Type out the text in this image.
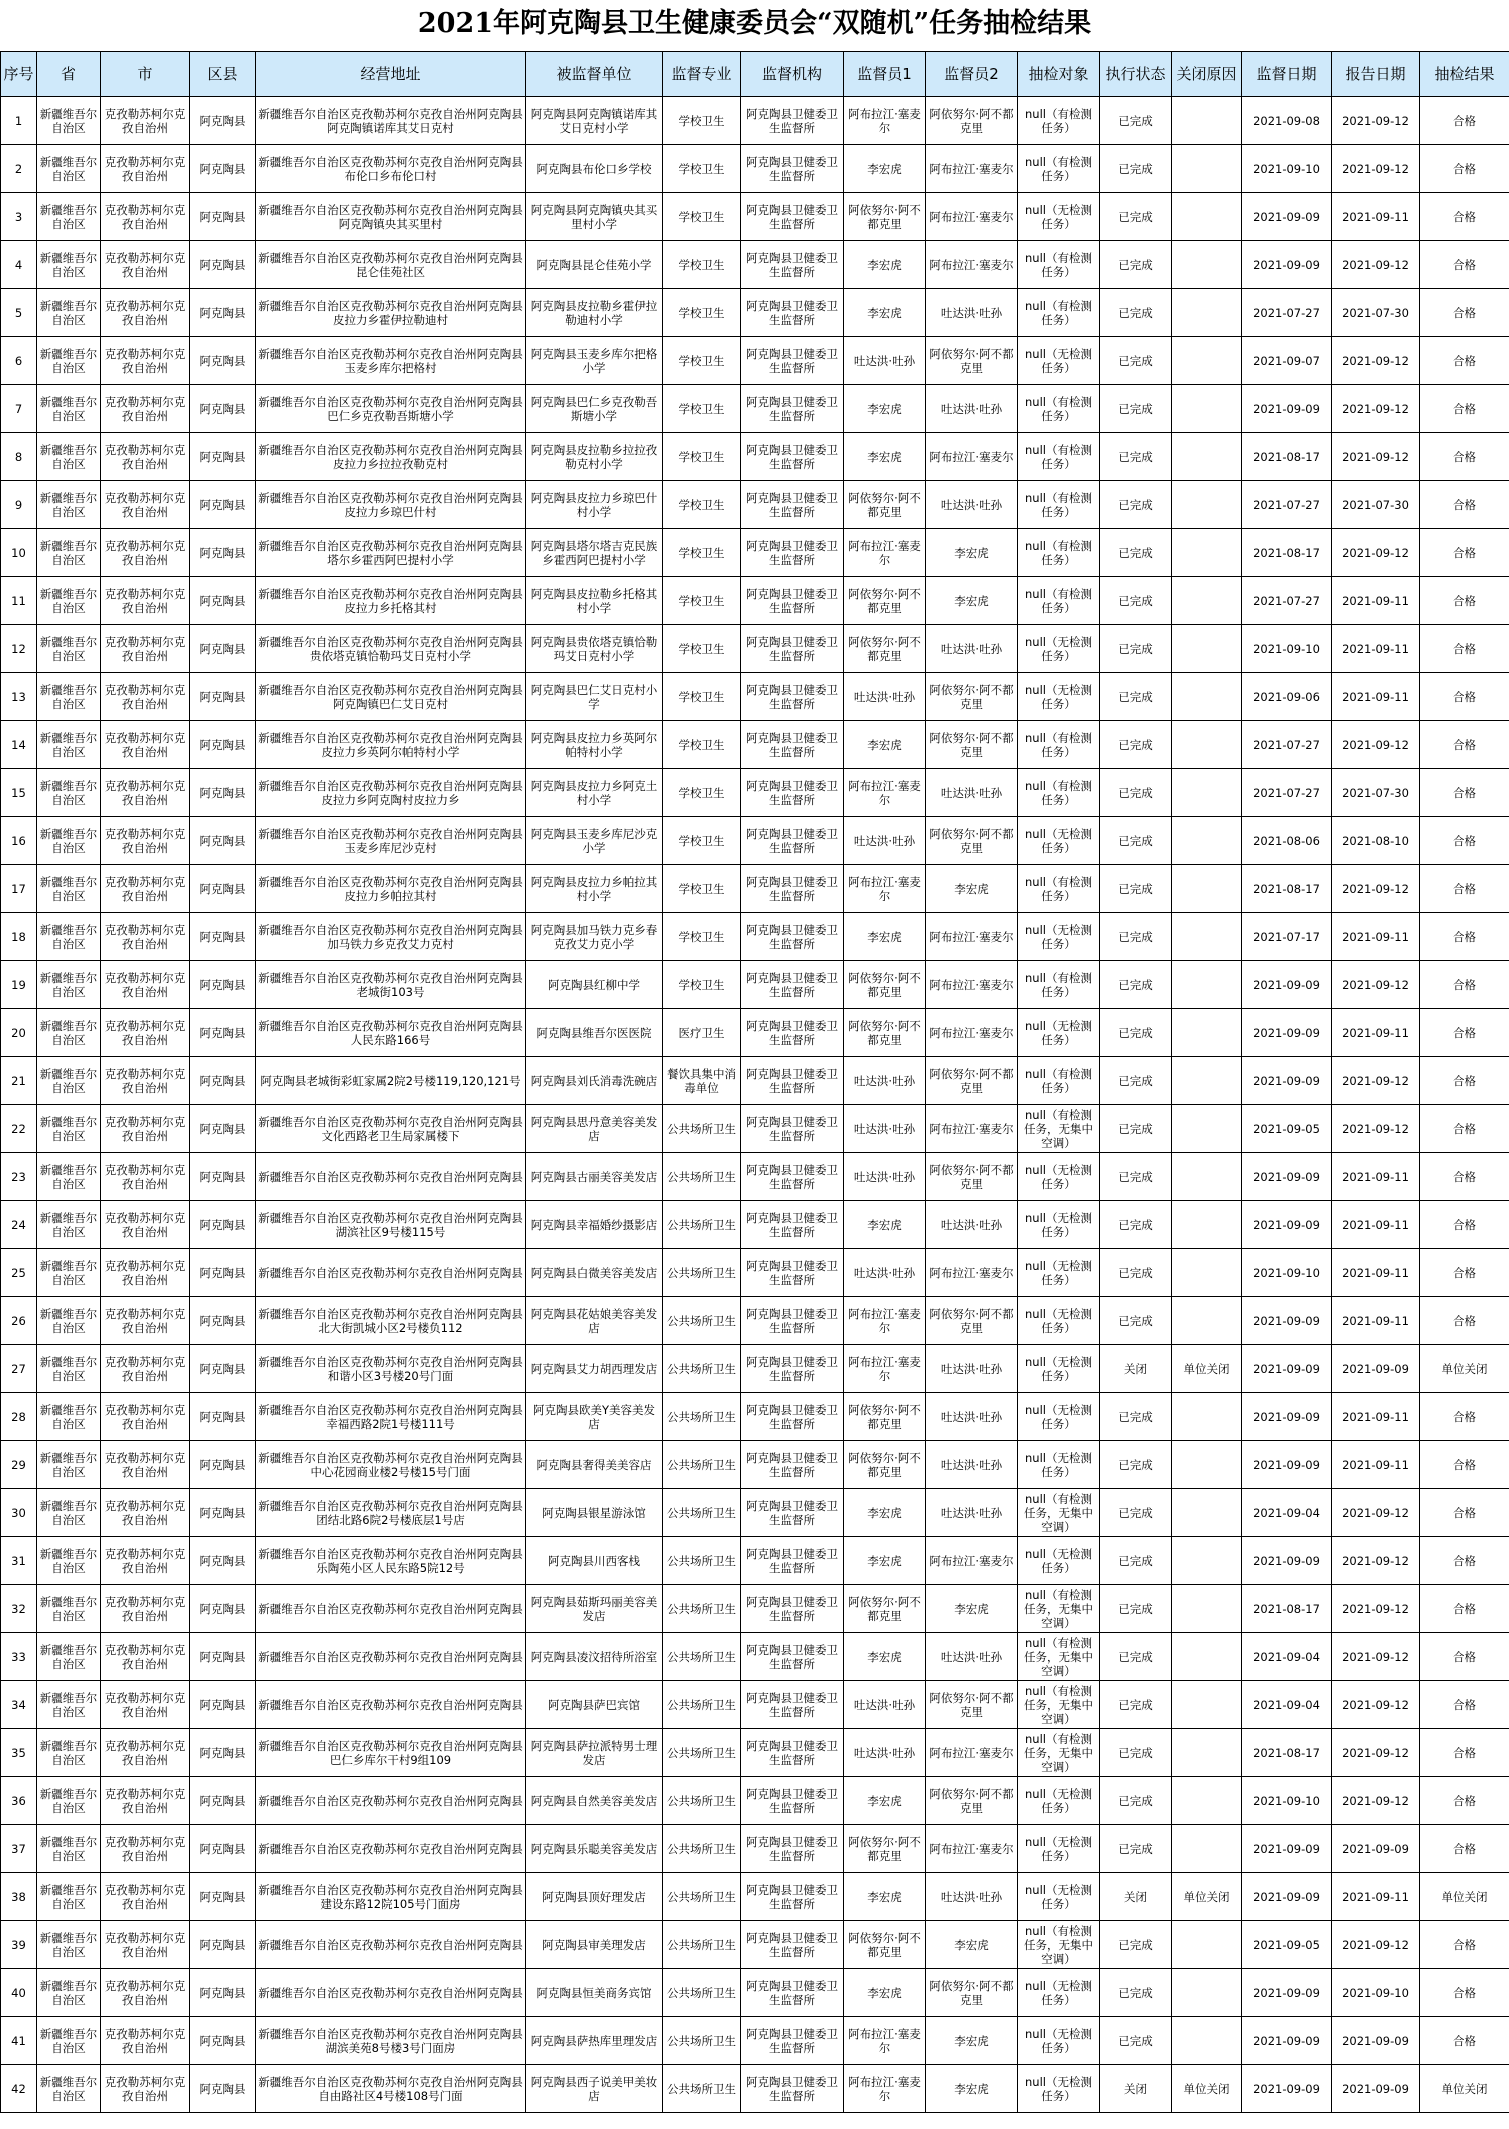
2021年阿克陶县卫生健康委员会“双随机”任务抽检结果
序号	省	市	区县	经营地址	被监督单位	监督专业	监督机构	监督员1	监督员2	抽检对象	执行状态	关闭原因	监督日期	报告日期	抽检结果
1	新疆维吾尔自治区	克孜勒苏柯尔克孜自治州	阿克陶县	新疆维吾尔自治区克孜勒苏柯尔克孜自治州阿克陶县阿克陶镇诺库其艾日克村	阿克陶县阿克陶镇诺库其艾日克村小学	学校卫生	阿克陶县卫健委卫生监督所	阿布拉江·塞麦尔	阿依努尔·阿不都克里	null（有检测任务）	已完成		2021-09-08	2021-09-12	合格
2	新疆维吾尔自治区	克孜勒苏柯尔克孜自治州	阿克陶县	新疆维吾尔自治区克孜勒苏柯尔克孜自治州阿克陶县布伦口乡布伦口村	阿克陶县布伦口乡学校	学校卫生	阿克陶县卫健委卫生监督所	李宏虎	阿布拉江·塞麦尔	null（有检测任务）	已完成		2021-09-10	2021-09-12	合格
3	新疆维吾尔自治区	克孜勒苏柯尔克孜自治州	阿克陶县	新疆维吾尔自治区克孜勒苏柯尔克孜自治州阿克陶县阿克陶镇央其买里村	阿克陶县阿克陶镇央其买里村小学	学校卫生	阿克陶县卫健委卫生监督所	阿依努尔·阿不都克里	阿布拉江·塞麦尔	null（无检测任务）	已完成		2021-09-09	2021-09-11	合格
4	新疆维吾尔自治区	克孜勒苏柯尔克孜自治州	阿克陶县	新疆维吾尔自治区克孜勒苏柯尔克孜自治州阿克陶县昆仑佳苑社区	阿克陶县昆仑佳苑小学	学校卫生	阿克陶县卫健委卫生监督所	李宏虎	阿布拉江·塞麦尔	null（有检测任务）	已完成		2021-09-09	2021-09-12	合格
5	新疆维吾尔自治区	克孜勒苏柯尔克孜自治州	阿克陶县	新疆维吾尔自治区克孜勒苏柯尔克孜自治州阿克陶县皮拉力乡霍伊拉勒迪村	阿克陶县皮拉勒乡霍伊拉勒迪村小学	学校卫生	阿克陶县卫健委卫生监督所	李宏虎	吐达洪·吐孙	null（有检测任务）	已完成		2021-07-27	2021-07-30	合格
6	新疆维吾尔自治区	克孜勒苏柯尔克孜自治州	阿克陶县	新疆维吾尔自治区克孜勒苏柯尔克孜自治州阿克陶县玉麦乡库尔把格村	阿克陶县玉麦乡库尔把格小学	学校卫生	阿克陶县卫健委卫生监督所	吐达洪·吐孙	阿依努尔·阿不都克里	null（无检测任务）	已完成		2021-09-07	2021-09-12	合格
7	新疆维吾尔自治区	克孜勒苏柯尔克孜自治州	阿克陶县	新疆维吾尔自治区克孜勒苏柯尔克孜自治州阿克陶县巴仁乡克孜勒吾斯塘小学	阿克陶县巴仁乡克孜勒吾斯塘小学	学校卫生	阿克陶县卫健委卫生监督所	李宏虎	吐达洪·吐孙	null（有检测任务）	已完成		2021-09-09	2021-09-12	合格
8	新疆维吾尔自治区	克孜勒苏柯尔克孜自治州	阿克陶县	新疆维吾尔自治区克孜勒苏柯尔克孜自治州阿克陶县皮拉力乡拉拉孜勒克村	阿克陶县皮拉勒乡拉拉孜勒克村小学	学校卫生	阿克陶县卫健委卫生监督所	李宏虎	阿布拉江·塞麦尔	null（有检测任务）	已完成		2021-08-17	2021-09-12	合格
9	新疆维吾尔自治区	克孜勒苏柯尔克孜自治州	阿克陶县	新疆维吾尔自治区克孜勒苏柯尔克孜自治州阿克陶县皮拉力乡琼巴什村	阿克陶县皮拉力乡琼巴什村小学	学校卫生	阿克陶县卫健委卫生监督所	阿依努尔·阿不都克里	吐达洪·吐孙	null（有检测任务）	已完成		2021-07-27	2021-07-30	合格
10	新疆维吾尔自治区	克孜勒苏柯尔克孜自治州	阿克陶县	新疆维吾尔自治区克孜勒苏柯尔克孜自治州阿克陶县塔尔乡霍西阿巴提村小学	阿克陶县塔尔塔吉克民族乡霍西阿巴提村小学	学校卫生	阿克陶县卫健委卫生监督所	阿布拉江·塞麦尔	李宏虎	null（有检测任务）	已完成		2021-08-17	2021-09-12	合格
11	新疆维吾尔自治区	克孜勒苏柯尔克孜自治州	阿克陶县	新疆维吾尔自治区克孜勒苏柯尔克孜自治州阿克陶县皮拉力乡托格其村	阿克陶县皮拉勒乡托格其村小学	学校卫生	阿克陶县卫健委卫生监督所	阿依努尔·阿不都克里	李宏虎	null（有检测任务）	已完成		2021-07-27	2021-09-11	合格
12	新疆维吾尔自治区	克孜勒苏柯尔克孜自治州	阿克陶县	新疆维吾尔自治区克孜勒苏柯尔克孜自治州阿克陶县贵依塔克镇恰勒玛艾日克村小学	阿克陶县贵依塔克镇恰勒玛艾日克村小学	学校卫生	阿克陶县卫健委卫生监督所	阿依努尔·阿不都克里	吐达洪·吐孙	null（无检测任务）	已完成		2021-09-10	2021-09-11	合格
13	新疆维吾尔自治区	克孜勒苏柯尔克孜自治州	阿克陶县	新疆维吾尔自治区克孜勒苏柯尔克孜自治州阿克陶县阿克陶镇巴仁艾日克村	阿克陶县巴仁艾日克村小学	学校卫生	阿克陶县卫健委卫生监督所	吐达洪·吐孙	阿依努尔·阿不都克里	null（无检测任务）	已完成		2021-09-06	2021-09-11	合格
14	新疆维吾尔自治区	克孜勒苏柯尔克孜自治州	阿克陶县	新疆维吾尔自治区克孜勒苏柯尔克孜自治州阿克陶县皮拉力乡英阿尔帕特村小学	阿克陶县皮拉力乡英阿尔帕特村小学	学校卫生	阿克陶县卫健委卫生监督所	李宏虎	阿依努尔·阿不都克里	null（有检测任务）	已完成		2021-07-27	2021-09-12	合格
15	新疆维吾尔自治区	克孜勒苏柯尔克孜自治州	阿克陶县	新疆维吾尔自治区克孜勒苏柯尔克孜自治州阿克陶县皮拉力乡阿克陶村皮拉力乡	阿克陶县皮拉力乡阿克土村小学	学校卫生	阿克陶县卫健委卫生监督所	阿布拉江·塞麦尔	吐达洪·吐孙	null（有检测任务）	已完成		2021-07-27	2021-07-30	合格
16	新疆维吾尔自治区	克孜勒苏柯尔克孜自治州	阿克陶县	新疆维吾尔自治区克孜勒苏柯尔克孜自治州阿克陶县玉麦乡库尼沙克村	阿克陶县玉麦乡库尼沙克小学	学校卫生	阿克陶县卫健委卫生监督所	吐达洪·吐孙	阿依努尔·阿不都克里	null（无检测任务）	已完成		2021-08-06	2021-08-10	合格
17	新疆维吾尔自治区	克孜勒苏柯尔克孜自治州	阿克陶县	新疆维吾尔自治区克孜勒苏柯尔克孜自治州阿克陶县皮拉力乡帕拉其村	阿克陶县皮拉力乡帕拉其村小学	学校卫生	阿克陶县卫健委卫生监督所	阿布拉江·塞麦尔	李宏虎	null（有检测任务）	已完成		2021-08-17	2021-09-12	合格
18	新疆维吾尔自治区	克孜勒苏柯尔克孜自治州	阿克陶县	新疆维吾尔自治区克孜勒苏柯尔克孜自治州阿克陶县加马铁力乡克孜艾力克村	阿克陶县加马铁力克乡春克孜艾力克小学	学校卫生	阿克陶县卫健委卫生监督所	李宏虎	阿布拉江·塞麦尔	null（无检测任务）	已完成		2021-07-17	2021-09-11	合格
19	新疆维吾尔自治区	克孜勒苏柯尔克孜自治州	阿克陶县	新疆维吾尔自治区克孜勒苏柯尔克孜自治州阿克陶县老城街103号	阿克陶县红柳中学	学校卫生	阿克陶县卫健委卫生监督所	阿依努尔·阿不都克里	阿布拉江·塞麦尔	null（有检测任务）	已完成		2021-09-09	2021-09-12	合格
20	新疆维吾尔自治区	克孜勒苏柯尔克孜自治州	阿克陶县	新疆维吾尔自治区克孜勒苏柯尔克孜自治州阿克陶县人民东路166号	阿克陶县维吾尔医医院	医疗卫生	阿克陶县卫健委卫生监督所	阿依努尔·阿不都克里	阿布拉江·塞麦尔	null（无检测任务）	已完成		2021-09-09	2021-09-11	合格
21	新疆维吾尔自治区	克孜勒苏柯尔克孜自治州	阿克陶县	阿克陶县老城街彩虹家属2院2号楼119,120,121号	阿克陶县刘氏消毒洗碗店	餐饮具集中消毒单位	阿克陶县卫健委卫生监督所	吐达洪·吐孙	阿依努尔·阿不都克里	null（有检测任务）	已完成		2021-09-09	2021-09-12	合格
22	新疆维吾尔自治区	克孜勒苏柯尔克孜自治州	阿克陶县	新疆维吾尔自治区克孜勒苏柯尔克孜自治州阿克陶县文化西路老卫生局家属楼下	阿克陶县思丹意美容美发店	公共场所卫生	阿克陶县卫健委卫生监督所	吐达洪·吐孙	阿布拉江·塞麦尔	null（有检测任务，无集中空调）	已完成		2021-09-05	2021-09-12	合格
23	新疆维吾尔自治区	克孜勒苏柯尔克孜自治州	阿克陶县	新疆维吾尔自治区克孜勒苏柯尔克孜自治州阿克陶县	阿克陶县古丽美容美发店	公共场所卫生	阿克陶县卫健委卫生监督所	吐达洪·吐孙	阿依努尔·阿不都克里	null（无检测任务）	已完成		2021-09-09	2021-09-11	合格
24	新疆维吾尔自治区	克孜勒苏柯尔克孜自治州	阿克陶县	新疆维吾尔自治区克孜勒苏柯尔克孜自治州阿克陶县湖滨社区9号楼115号	阿克陶县幸福婚纱摄影店	公共场所卫生	阿克陶县卫健委卫生监督所	李宏虎	吐达洪·吐孙	null（无检测任务）	已完成		2021-09-09	2021-09-11	合格
25	新疆维吾尔自治区	克孜勒苏柯尔克孜自治州	阿克陶县	新疆维吾尔自治区克孜勒苏柯尔克孜自治州阿克陶县	阿克陶县白微美容美发店	公共场所卫生	阿克陶县卫健委卫生监督所	吐达洪·吐孙	阿布拉江·塞麦尔	null（无检测任务）	已完成		2021-09-10	2021-09-11	合格
26	新疆维吾尔自治区	克孜勒苏柯尔克孜自治州	阿克陶县	新疆维吾尔自治区克孜勒苏柯尔克孜自治州阿克陶县北大街凯城小区2号楼负112	阿克陶县花姑娘美容美发店	公共场所卫生	阿克陶县卫健委卫生监督所	阿布拉江·塞麦尔	阿依努尔·阿不都克里	null（无检测任务）	已完成		2021-09-09	2021-09-11	合格
27	新疆维吾尔自治区	克孜勒苏柯尔克孜自治州	阿克陶县	新疆维吾尔自治区克孜勒苏柯尔克孜自治州阿克陶县和谐小区3号楼20号门面	阿克陶县艾力胡西理发店	公共场所卫生	阿克陶县卫健委卫生监督所	阿布拉江·塞麦尔	吐达洪·吐孙	null（无检测任务）	关闭	单位关闭	2021-09-09	2021-09-09	单位关闭
28	新疆维吾尔自治区	克孜勒苏柯尔克孜自治州	阿克陶县	新疆维吾尔自治区克孜勒苏柯尔克孜自治州阿克陶县幸福西路2院1号楼111号	阿克陶县欧美Y美容美发店	公共场所卫生	阿克陶县卫健委卫生监督所	阿依努尔·阿不都克里	吐达洪·吐孙	null（无检测任务）	已完成		2021-09-09	2021-09-11	合格
29	新疆维吾尔自治区	克孜勒苏柯尔克孜自治州	阿克陶县	新疆维吾尔自治区克孜勒苏柯尔克孜自治州阿克陶县中心花园商业楼2号楼15号门面	阿克陶县奢得美美容店	公共场所卫生	阿克陶县卫健委卫生监督所	阿依努尔·阿不都克里	吐达洪·吐孙	null（无检测任务）	已完成		2021-09-09	2021-09-11	合格
30	新疆维吾尔自治区	克孜勒苏柯尔克孜自治州	阿克陶县	新疆维吾尔自治区克孜勒苏柯尔克孜自治州阿克陶县团结北路6院2号楼底层1号店	阿克陶县银星游泳馆	公共场所卫生	阿克陶县卫健委卫生监督所	李宏虎	吐达洪·吐孙	null（有检测任务，无集中空调）	已完成		2021-09-04	2021-09-12	合格
31	新疆维吾尔自治区	克孜勒苏柯尔克孜自治州	阿克陶县	新疆维吾尔自治区克孜勒苏柯尔克孜自治州阿克陶县乐陶苑小区人民东路5院12号	阿克陶县川西客栈	公共场所卫生	阿克陶县卫健委卫生监督所	李宏虎	阿布拉江·塞麦尔	null（无检测任务）	已完成		2021-09-09	2021-09-12	合格
32	新疆维吾尔自治区	克孜勒苏柯尔克孜自治州	阿克陶县	新疆维吾尔自治区克孜勒苏柯尔克孜自治州阿克陶县	阿克陶县茹斯玛丽美容美发店	公共场所卫生	阿克陶县卫健委卫生监督所	阿依努尔·阿不都克里	李宏虎	null（有检测任务，无集中空调）	已完成		2021-08-17	2021-09-12	合格
33	新疆维吾尔自治区	克孜勒苏柯尔克孜自治州	阿克陶县	新疆维吾尔自治区克孜勒苏柯尔克孜自治州阿克陶县	阿克陶县凌汶招待所浴室	公共场所卫生	阿克陶县卫健委卫生监督所	李宏虎	吐达洪·吐孙	null（有检测任务，无集中空调）	已完成		2021-09-04	2021-09-12	合格
34	新疆维吾尔自治区	克孜勒苏柯尔克孜自治州	阿克陶县	新疆维吾尔自治区克孜勒苏柯尔克孜自治州阿克陶县	阿克陶县萨巴宾馆	公共场所卫生	阿克陶县卫健委卫生监督所	吐达洪·吐孙	阿依努尔·阿不都克里	null（有检测任务，无集中空调）	已完成		2021-09-04	2021-09-12	合格
35	新疆维吾尔自治区	克孜勒苏柯尔克孜自治州	阿克陶县	新疆维吾尔自治区克孜勒苏柯尔克孜自治州阿克陶县巴仁乡库尔干村9组109	阿克陶县萨拉派特男士理发店	公共场所卫生	阿克陶县卫健委卫生监督所	吐达洪·吐孙	阿布拉江·塞麦尔	null（有检测任务，无集中空调）	已完成		2021-08-17	2021-09-12	合格
36	新疆维吾尔自治区	克孜勒苏柯尔克孜自治州	阿克陶县	新疆维吾尔自治区克孜勒苏柯尔克孜自治州阿克陶县	阿克陶县自然美容美发店	公共场所卫生	阿克陶县卫健委卫生监督所	李宏虎	阿依努尔·阿不都克里	null（无检测任务）	已完成		2021-09-10	2021-09-12	合格
37	新疆维吾尔自治区	克孜勒苏柯尔克孜自治州	阿克陶县	新疆维吾尔自治区克孜勒苏柯尔克孜自治州阿克陶县	阿克陶县乐聪美容美发店	公共场所卫生	阿克陶县卫健委卫生监督所	阿依努尔·阿不都克里	阿布拉江·塞麦尔	null（无检测任务）	已完成		2021-09-09	2021-09-09	合格
38	新疆维吾尔自治区	克孜勒苏柯尔克孜自治州	阿克陶县	新疆维吾尔自治区克孜勒苏柯尔克孜自治州阿克陶县建设东路12院105号门面房	阿克陶县顶好理发店	公共场所卫生	阿克陶县卫健委卫生监督所	李宏虎	吐达洪·吐孙	null（无检测任务）	关闭	单位关闭	2021-09-09	2021-09-11	单位关闭
39	新疆维吾尔自治区	克孜勒苏柯尔克孜自治州	阿克陶县	新疆维吾尔自治区克孜勒苏柯尔克孜自治州阿克陶县	阿克陶县审美理发店	公共场所卫生	阿克陶县卫健委卫生监督所	阿依努尔·阿不都克里	李宏虎	null（有检测任务，无集中空调）	已完成		2021-09-05	2021-09-12	合格
40	新疆维吾尔自治区	克孜勒苏柯尔克孜自治州	阿克陶县	新疆维吾尔自治区克孜勒苏柯尔克孜自治州阿克陶县	阿克陶县恒美商务宾馆	公共场所卫生	阿克陶县卫健委卫生监督所	李宏虎	阿依努尔·阿不都克里	null（无检测任务）	已完成		2021-09-09	2021-09-10	合格
41	新疆维吾尔自治区	克孜勒苏柯尔克孜自治州	阿克陶县	新疆维吾尔自治区克孜勒苏柯尔克孜自治州阿克陶县湖滨美苑8号楼3号门面房	阿克陶县萨热库里理发店	公共场所卫生	阿克陶县卫健委卫生监督所	阿布拉江·塞麦尔	李宏虎	null（无检测任务）	已完成		2021-09-09	2021-09-09	合格
42	新疆维吾尔自治区	克孜勒苏柯尔克孜自治州	阿克陶县	新疆维吾尔自治区克孜勒苏柯尔克孜自治州阿克陶县自由路社区4号楼108号门面	阿克陶县西子说美甲美妆店	公共场所卫生	阿克陶县卫健委卫生监督所	阿布拉江·塞麦尔	李宏虎	null（无检测任务）	关闭	单位关闭	2021-09-09	2021-09-09	单位关闭
